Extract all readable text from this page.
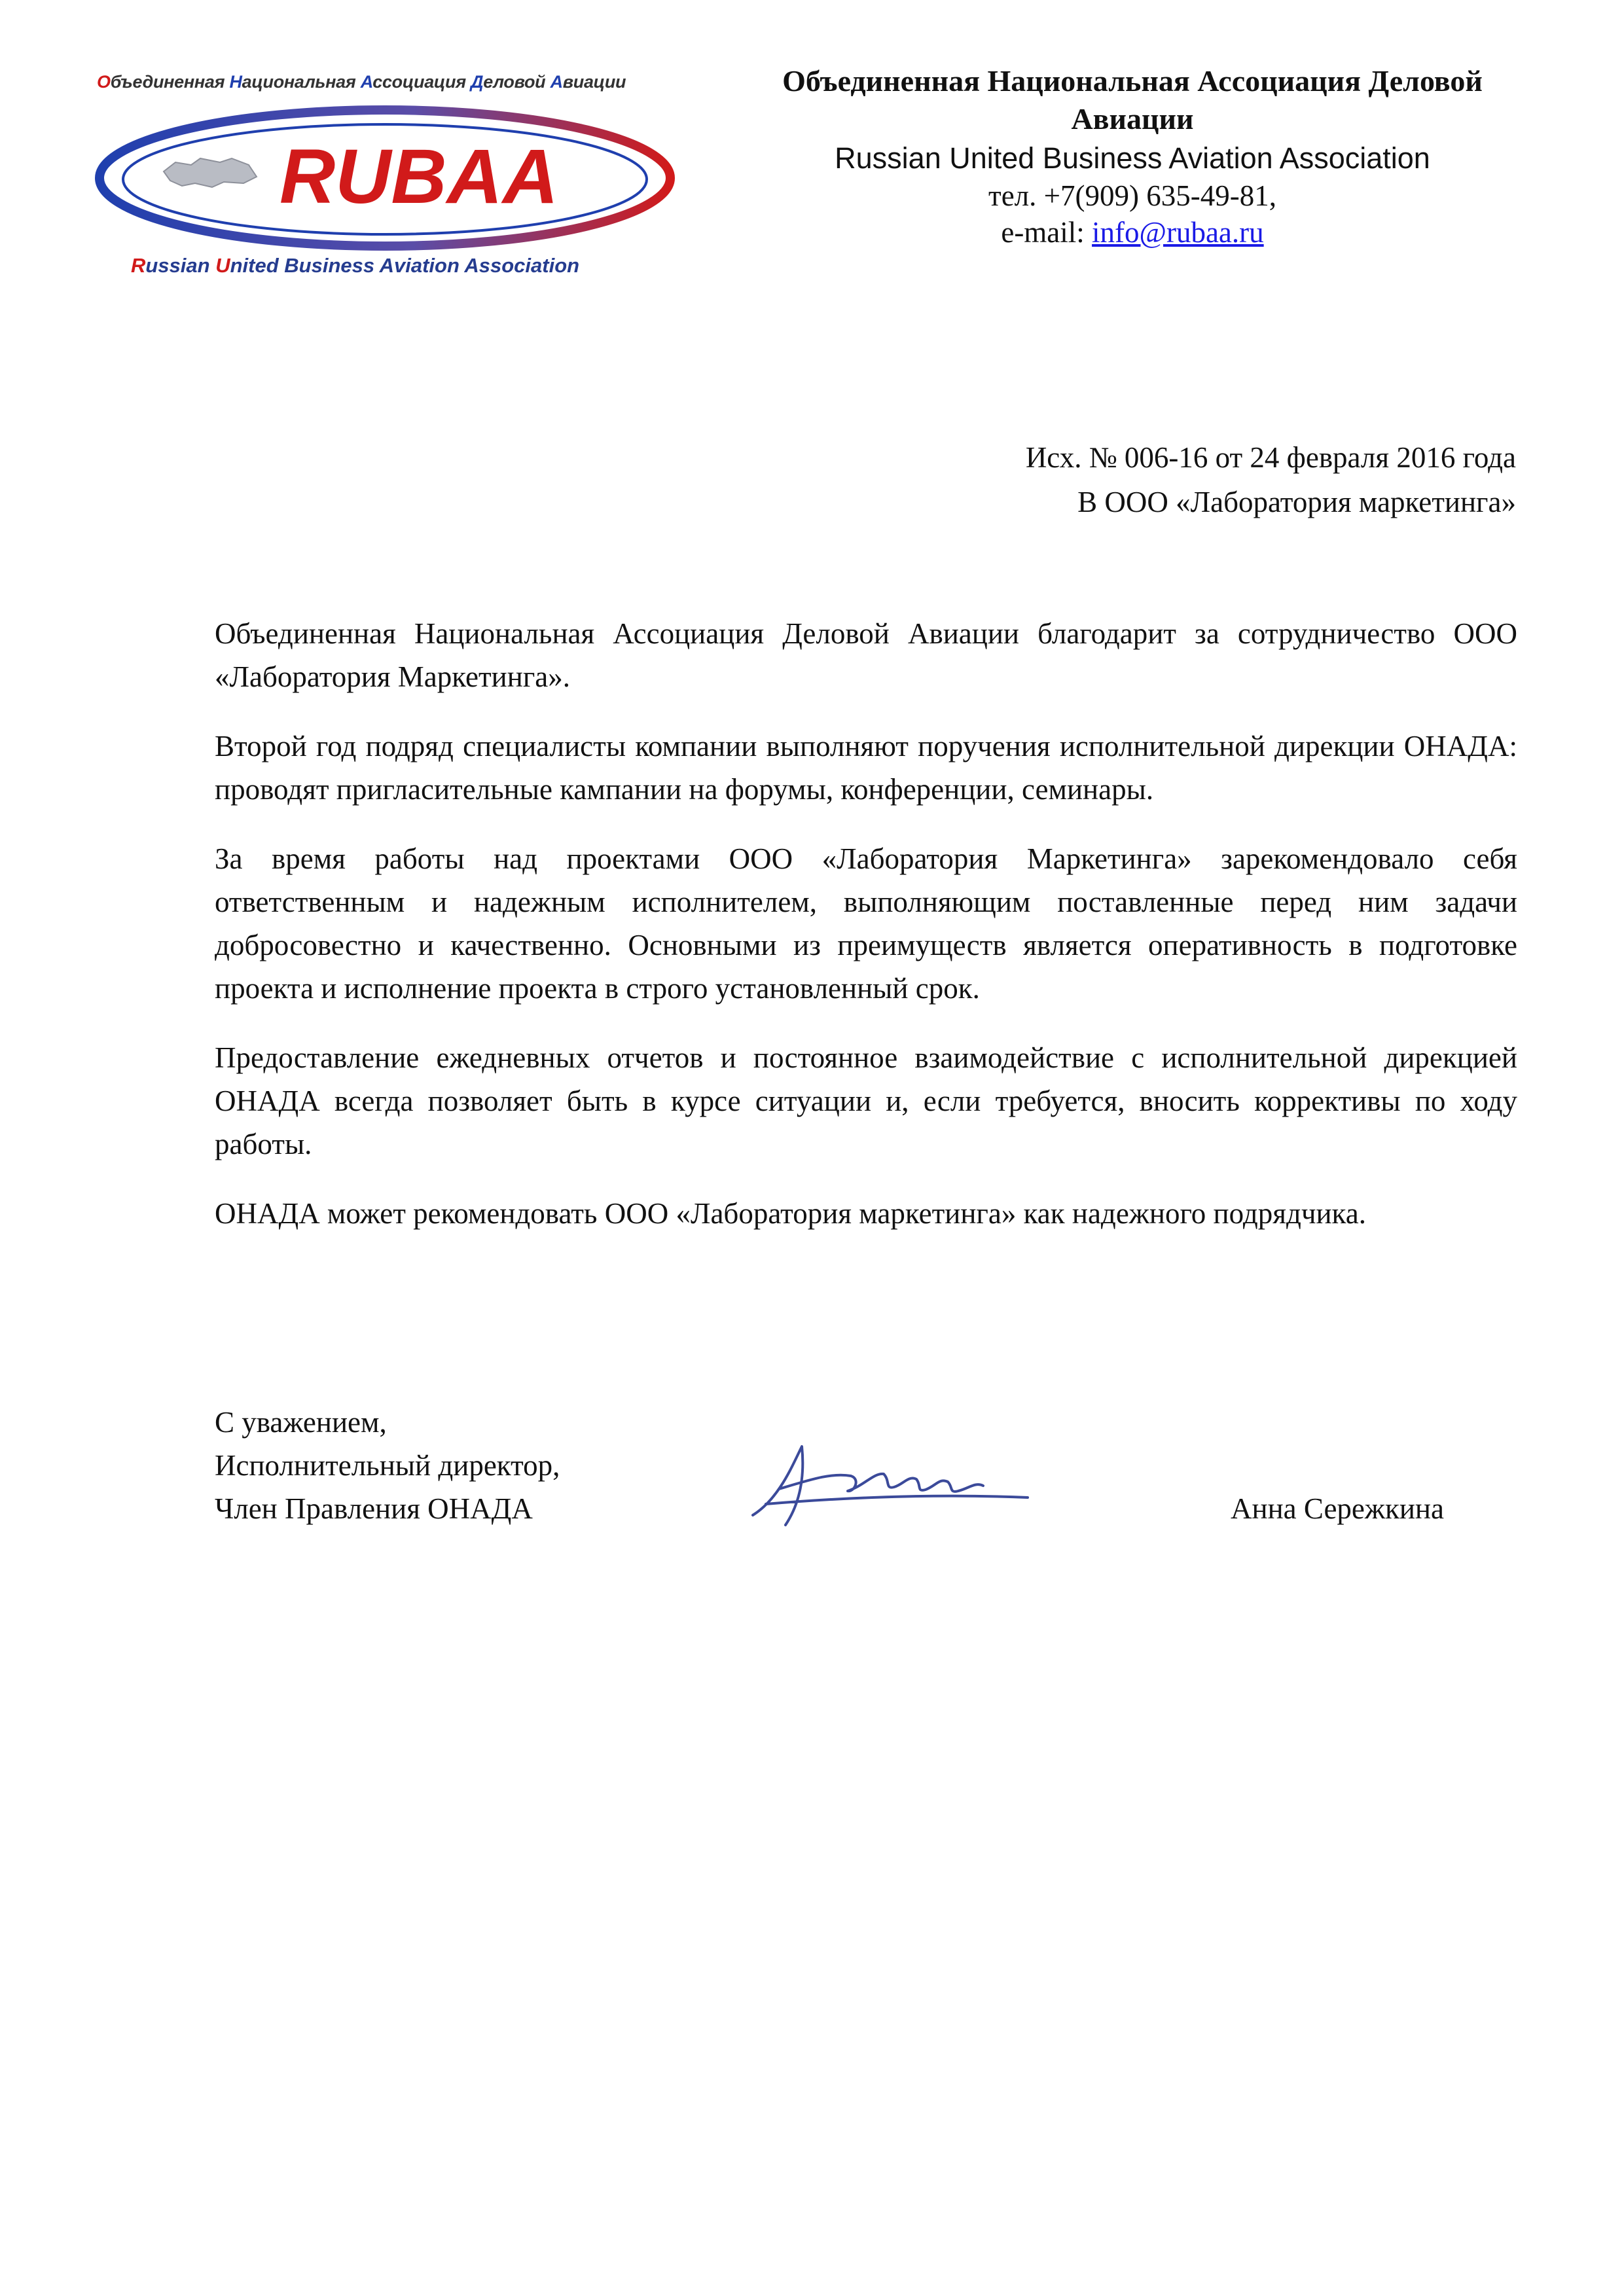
Объединенная Национальная Ассоциация Деловой Авиации
RUBAA
Russian United Business Aviation Association
Объединенная Национальная Ассоциация Деловой
Авиации
Russian United Business Aviation Association
тел. +7(909) 635-49-81,
e-mail: info@rubaa.ru
Исх. № 006-16 от 24 февраля 2016 года
В ООО «Лаборатория маркетинга»

Объединенная Национальная Ассоциация Деловой Авиации благодарит за сотрудничество ООО «Лаборатория Маркетинга».

Второй год подряд специалисты компании выполняют поручения исполнительной дирекции ОНАДА: проводят пригласительные кампании на форумы, конференции, семинары.

За время работы над проектами ООО «Лаборатория Маркетинга» зарекомендовало себя ответственным и надежным исполнителем, выполняющим поставленные перед ним задачи добросовестно и качественно. Основными из преимуществ является оперативность в подготовке проекта и исполнение проекта в строго установленный срок.

Предоставление ежедневных отчетов и постоянное взаимодействие с исполнительной дирекцией ОНАДА всегда позволяет быть в курсе ситуации и, если требуется, вносить коррективы по ходу работы.

ОНАДА может рекомендовать ООО «Лаборатория маркетинга» как надежного подрядчика.

С уважением,
Исполнительный директор,
Член Правления ОНАДА	Анна Сережкина
